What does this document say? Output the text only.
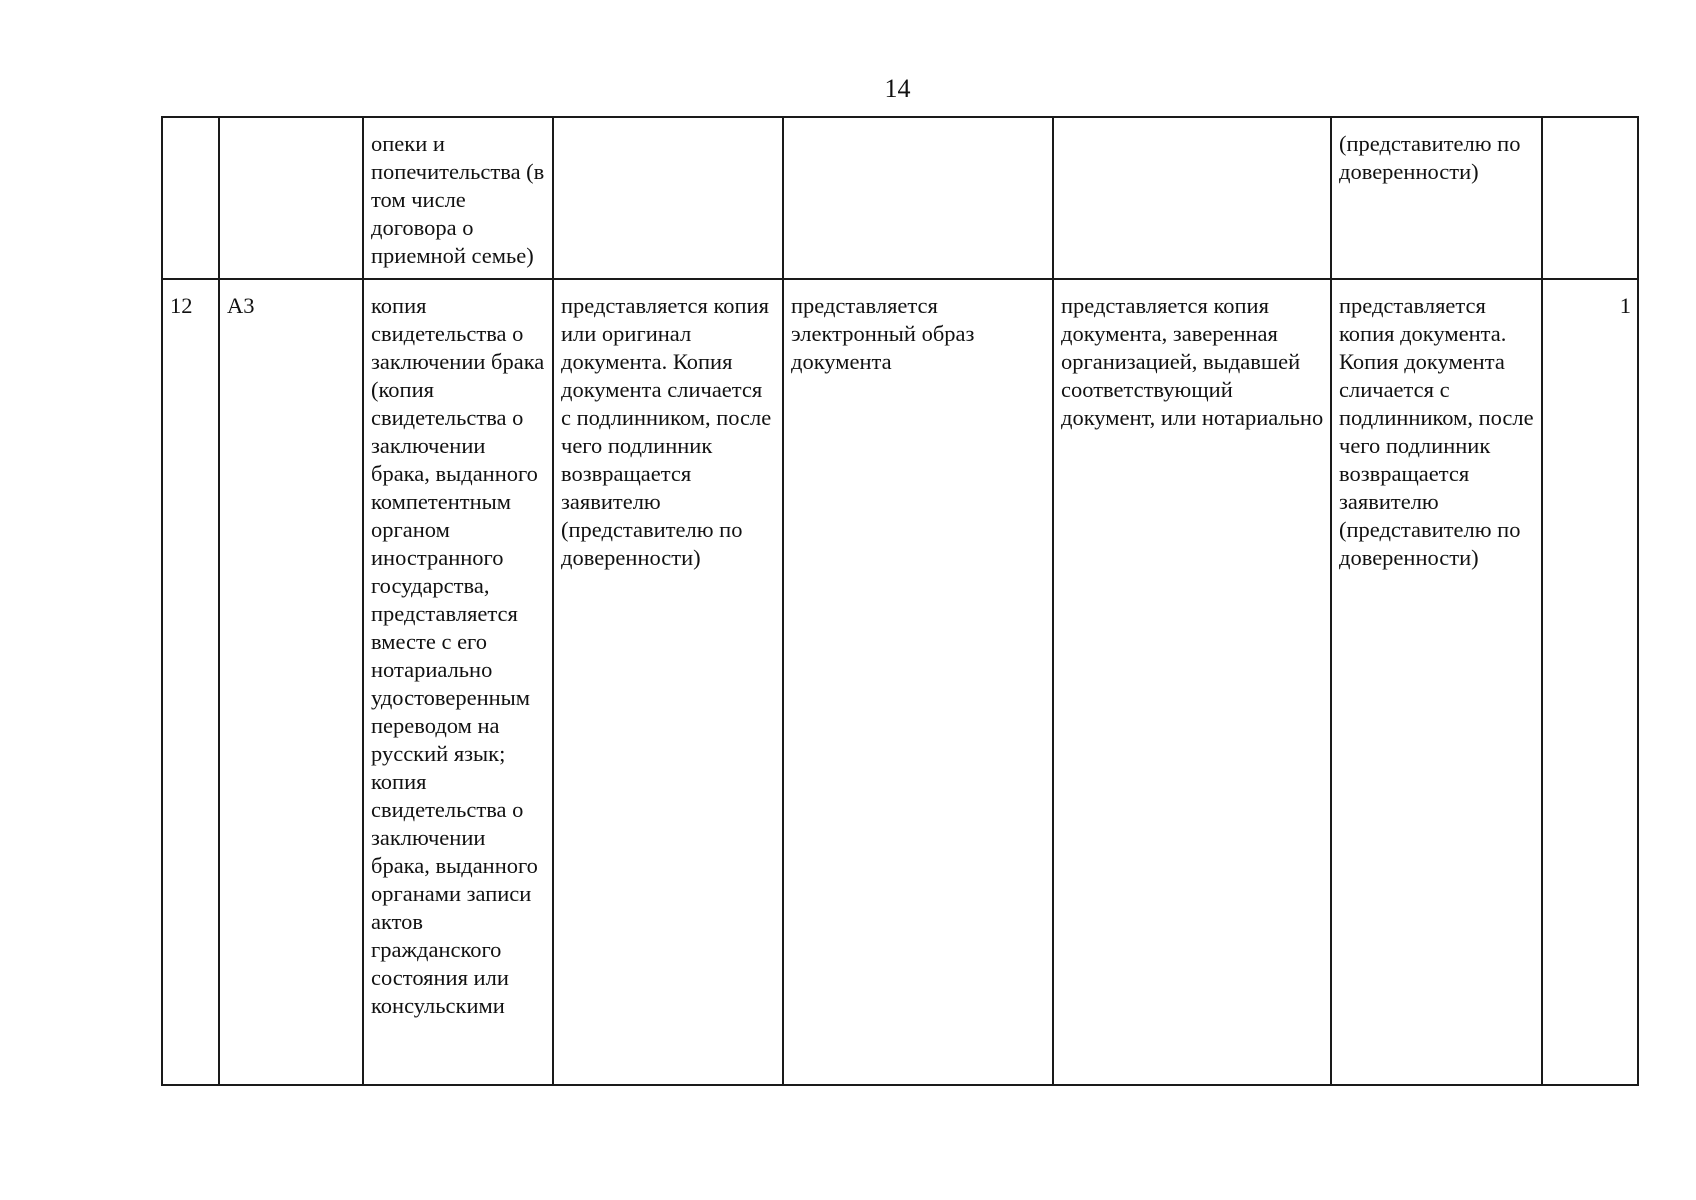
14
		опеки и попечительства (в том числе договора о приемной семье)				(представителю по доверенности)	
12	А3	копия свидетельства о заключении брака (копия свидетельства о заключении брака, выданного компетентным органом иностранного государства, представляется вместе с его нотариально удостоверенным переводом на русский язык; копия свидетельства о заключении брака, выданного органами записи актов гражданского состояния или консульскими	представляется копия или оригинал документа. Копия документа сличается с подлинником, после чего подлинник возвращается заявителю (представителю по доверенности)	представляется электронный образ документа	представляется копия документа, заверенная организацией, выдавшей соответствующий документ, или нотариально	представляется копия документа. Копия документа сличается с подлинником, после чего подлинник возвращается заявителю (представителю по доверенности)	1
